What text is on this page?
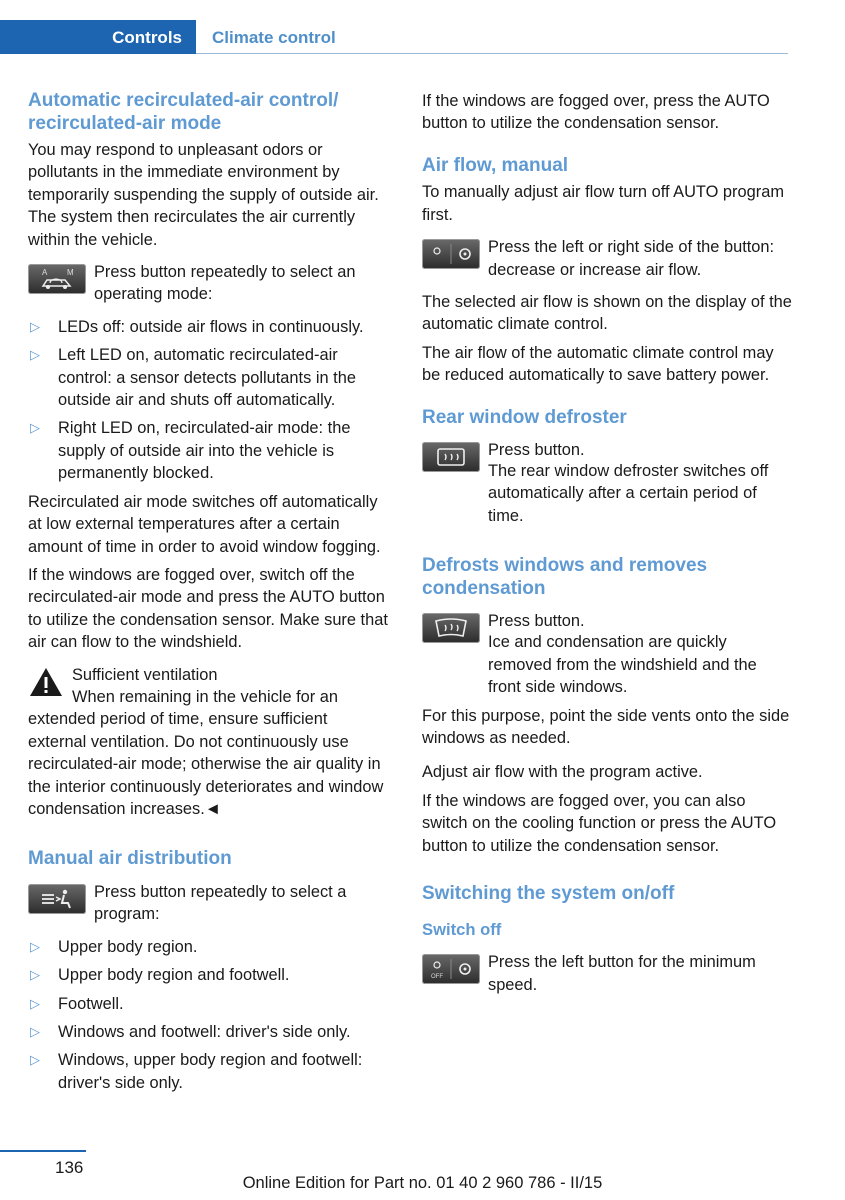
Controls	Climate control
Automatic recirculated-air control/ recirculated-air mode

You may respond to unpleasant odors or pollutants in the immediate environment by temporarily suspending the supply of outside air. The system then recirculates the air currently within the vehicle.

A M Press button repeatedly to select an operating mode:
▷ LEDs off: outside air flows in continuously.
▷ Left LED on, automatic recirculated-air control: a sensor detects pollutants in the outside air and shuts off automatically.
▷ Right LED on, recirculated-air mode: the supply of outside air into the vehicle is permanently blocked.

Recirculated air mode switches off automatically at low external temperatures after a certain amount of time in order to avoid window fogging.

If the windows are fogged over, switch off the recirculated-air mode and press the AUTO button to utilize the condensation sensor. Make sure that air can flow to the windshield.

Sufficient ventilation
When remaining in the vehicle for an extended period of time, ensure sufficient external ventilation. Do not continuously use recirculated-air mode; otherwise the air quality in the interior continuously deteriorates and window condensation increases.◄
Manual air distribution
Press button repeatedly to select a program:
▷ Upper body region.
▷ Upper body region and footwell.
▷ Footwell.
▷ Windows and footwell: driver's side only.
▷ Windows, upper body region and footwell: driver's side only.

If the windows are fogged over, press the AUTO button to utilize the condensation sensor.

Air flow, manual

To manually adjust air flow turn off AUTO program first.

Press the left or right side of the button: decrease or increase air flow.

The selected air flow is shown on the display of the automatic climate control.

The air flow of the automatic climate control may be reduced automatically to save battery power.

Rear window defroster
Press button.

The rear window defroster switches off automatically after a certain period of time.

Defrosts windows and removes condensation
Press button.

Ice and condensation are quickly removed from the windshield and the front side windows.

For this purpose, point the side vents onto the side windows as needed.

Adjust air flow with the program active.

If the windows are fogged over, you can also switch on the cooling function or press the AUTO button to utilize the condensation sensor.

Switching the system on/off
Switch off
OFF
Press the left button for the minimum speed.
136
Online Edition for Part no. 01 40 2 960 786 - II/15
